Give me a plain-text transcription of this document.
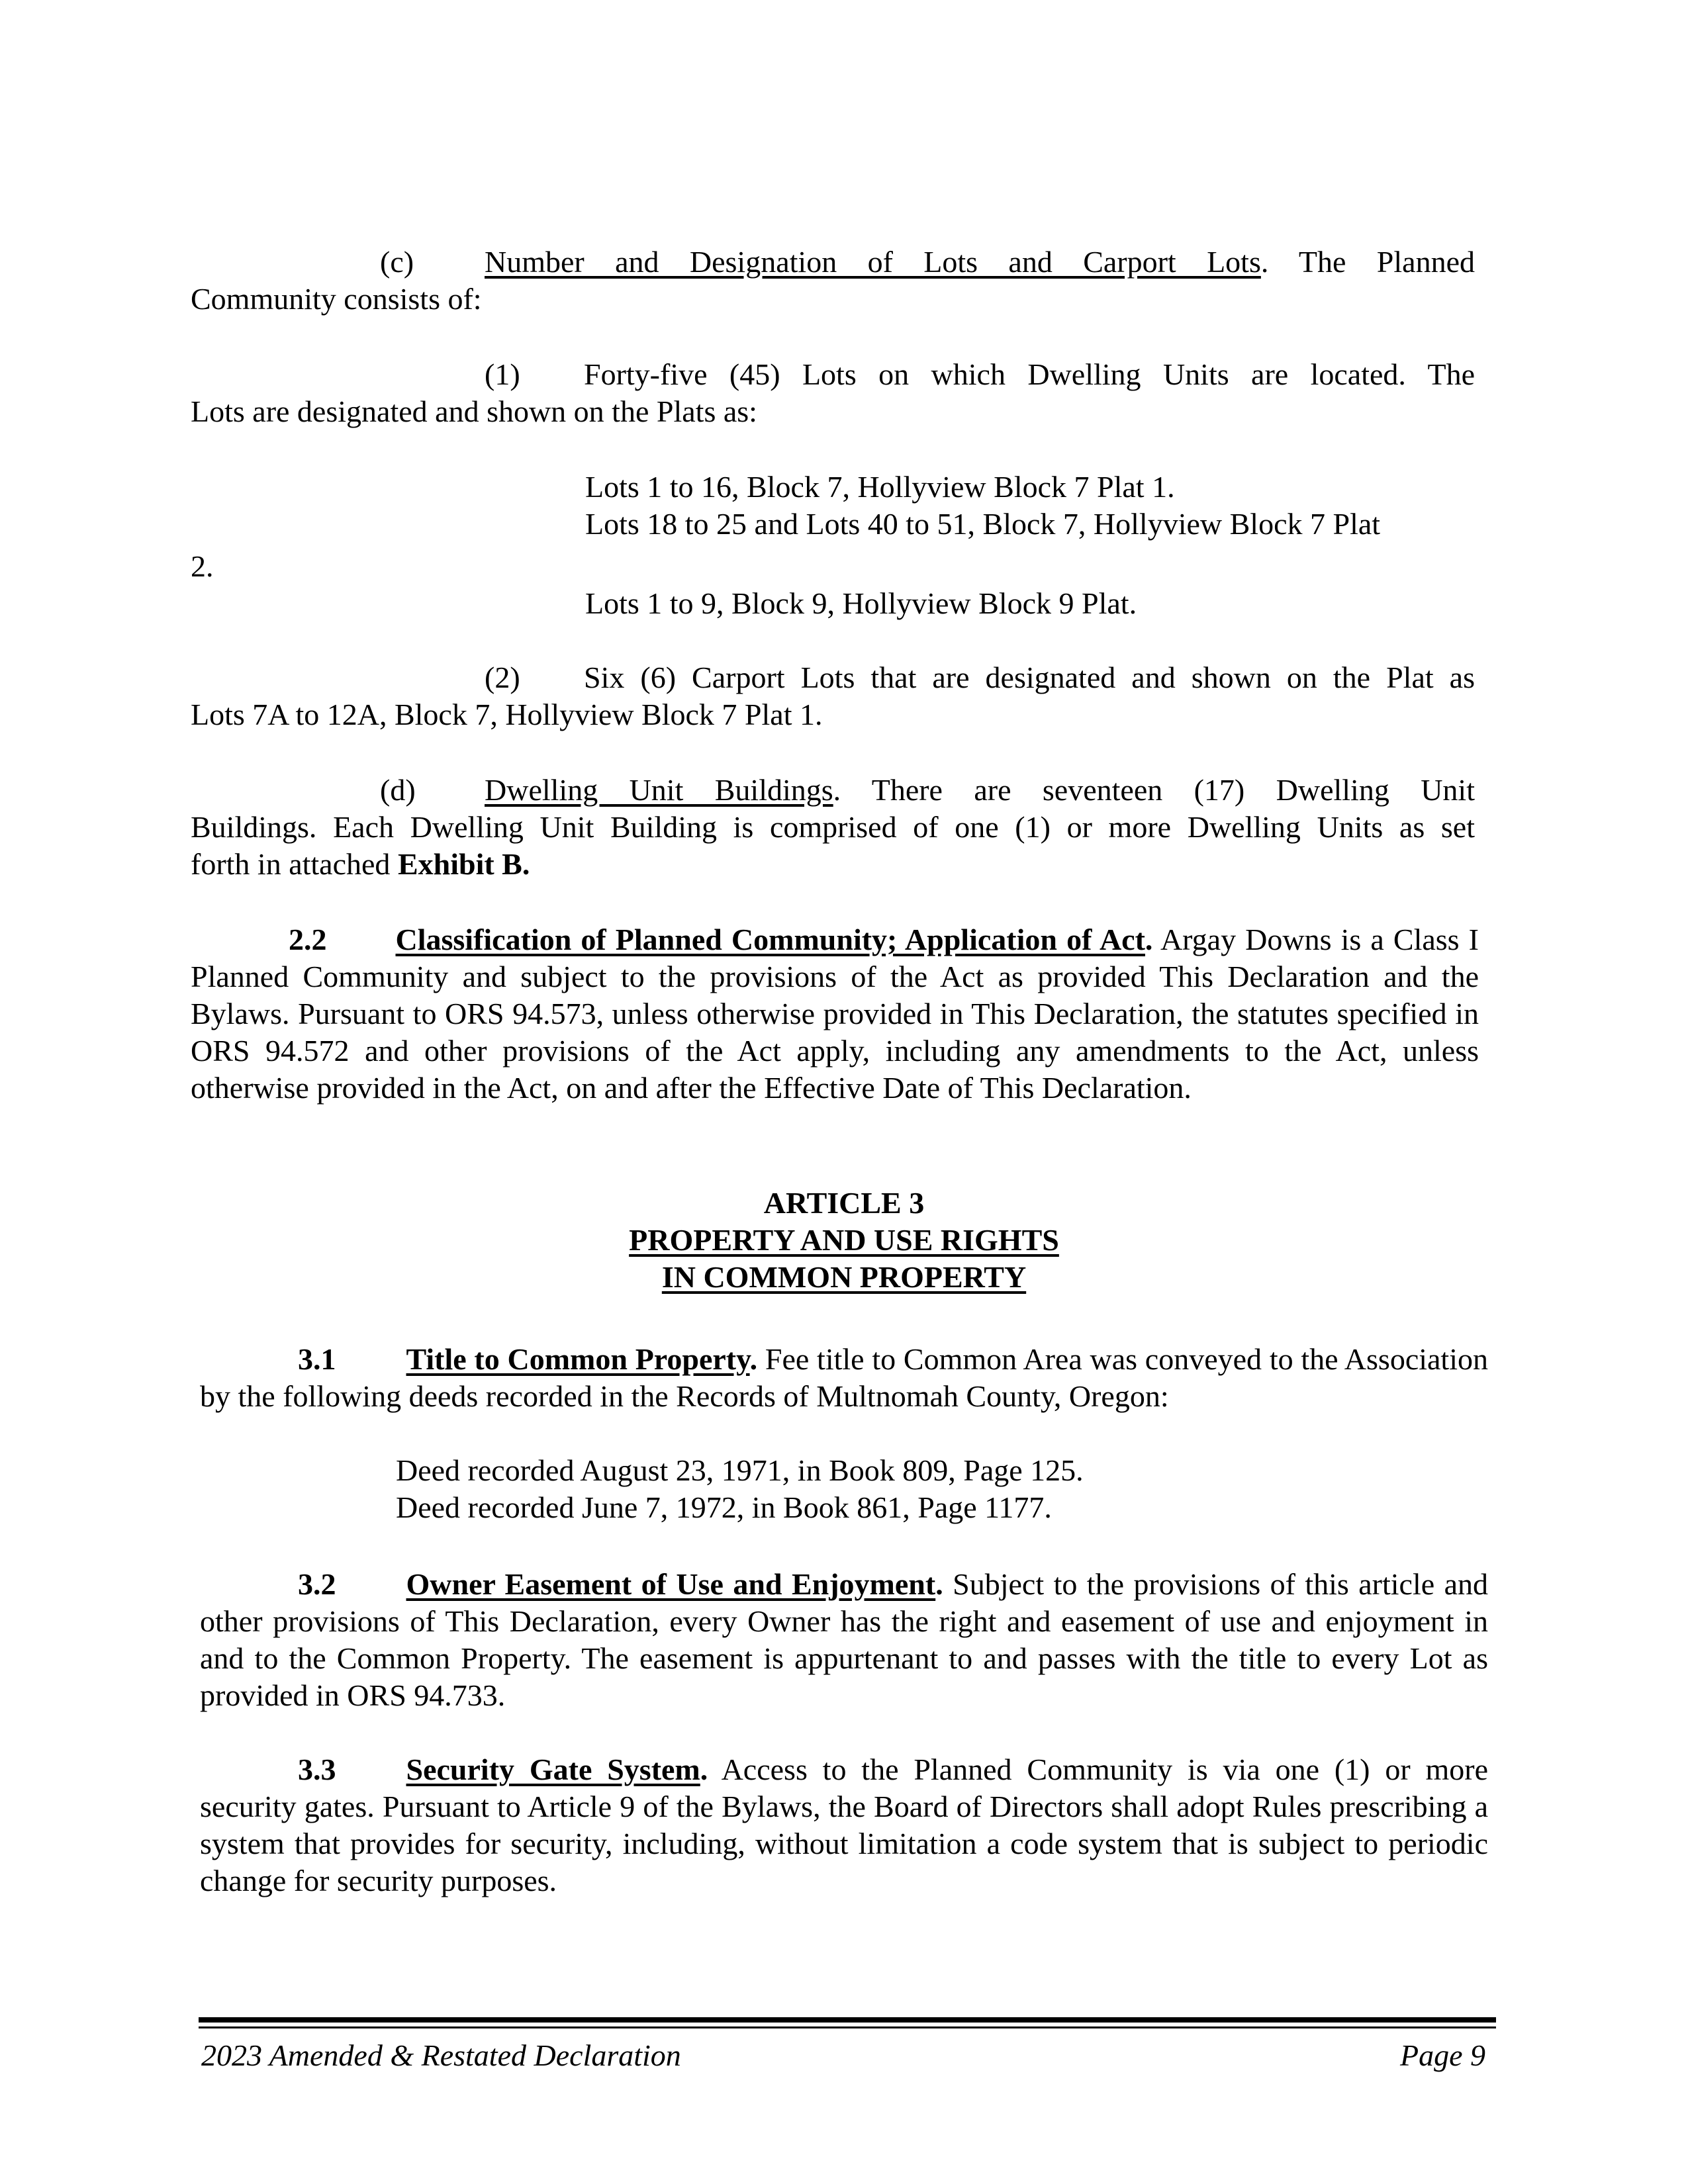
(c) Number and Designation of Lots and Carport Lots. The Planned
Community consists of:
(1) Forty-five (45) Lots on which Dwelling Units are located. The
Lots are designated and shown on the Plats as:
Lots 1 to 16, Block 7, Hollyview Block 7 Plat 1.
Lots 18 to 25 and Lots 40 to 51, Block 7, Hollyview Block 7 Plat
2.
Lots 1 to 9, Block 9, Hollyview Block 9 Plat.
(2) Six (6) Carport Lots that are designated and shown on the Plat as
Lots 7A to 12A, Block 7, Hollyview Block 7 Plat 1.
(d) Dwelling Unit Buildings. There are seventeen (17) Dwelling Unit
Buildings. Each Dwelling Unit Building is comprised of one (1) or more Dwelling Units as set
forth in attached Exhibit B.
2.2 Classification of Planned Community; Application of Act. Argay Downs is a Class I Planned Community and subject to the provisions of the Act as provided This Declaration and the Bylaws. Pursuant to ORS 94.573, unless otherwise provided in This Declaration, the statutes specified in ORS 94.572 and other provisions of the Act apply, including any amendments to the Act, unless otherwise provided in the Act, on and after the Effective Date of This Declaration.
ARTICLE 3
PROPERTY AND USE RIGHTS
IN COMMON PROPERTY
3.1 Title to Common Property. Fee title to Common Area was conveyed to the Association by the following deeds recorded in the Records of Multnomah County, Oregon:
Deed recorded August 23, 1971, in Book 809, Page 125.
Deed recorded June 7, 1972, in Book 861, Page 1177.
3.2 Owner Easement of Use and Enjoyment. Subject to the provisions of this article and other provisions of This Declaration, every Owner has the right and easement of use and enjoyment in and to the Common Property. The easement is appurtenant to and passes with the title to every Lot as provided in ORS 94.733.
3.3 Security Gate System. Access to the Planned Community is via one (1) or more security gates. Pursuant to Article 9 of the Bylaws, the Board of Directors shall adopt Rules prescribing a system that provides for security, including, without limitation a code system that is subject to periodic change for security purposes.
2023 Amended & Restated Declaration	Page 9
